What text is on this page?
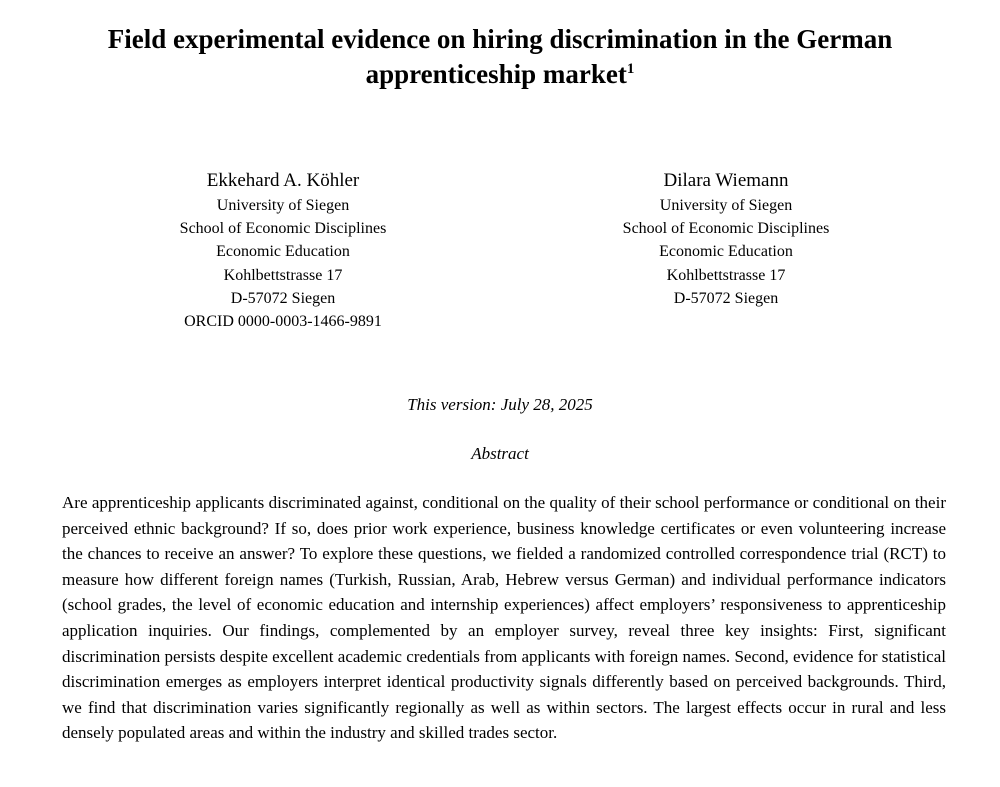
Field experimental evidence on hiring discrimination in the German apprenticeship market$^1$
Ekkehard A. Köhler
University of Siegen
School of Economic Disciplines
Economic Education
Kohlbettstrasse 17
D-57072 Siegen
ORCID 0000-0003-1466-9891
Dilara Wiemann
University of Siegen
School of Economic Disciplines
Economic Education
Kohlbettstrasse 17
D-57072 Siegen
This version: July 28, 2025
Abstract

Are apprenticeship applicants discriminated against, conditional on the quality of their school performance or conditional on their perceived ethnic background? If so, does prior work experience, business knowledge certificates or even volunteering increase the chances to receive an answer? To explore these questions, we fielded a randomized controlled correspondence trial (RCT) to measure how different foreign names (Turkish, Russian, Arab, Hebrew versus German) and individual performance indicators (school grades, the level of economic education and internship experiences) affect employers’ responsiveness to apprenticeship application inquiries. Our findings, complemented by an employer survey, reveal three key insights: First, significant discrimination persists despite excellent academic credentials from applicants with foreign names. Second, evidence for statistical discrimination emerges as employers interpret identical productivity signals differently based on perceived backgrounds. Third, we find that discrimination varies significantly regionally as well as within sectors. The largest effects occur in rural and less densely populated areas and within the industry and skilled trades sector.
